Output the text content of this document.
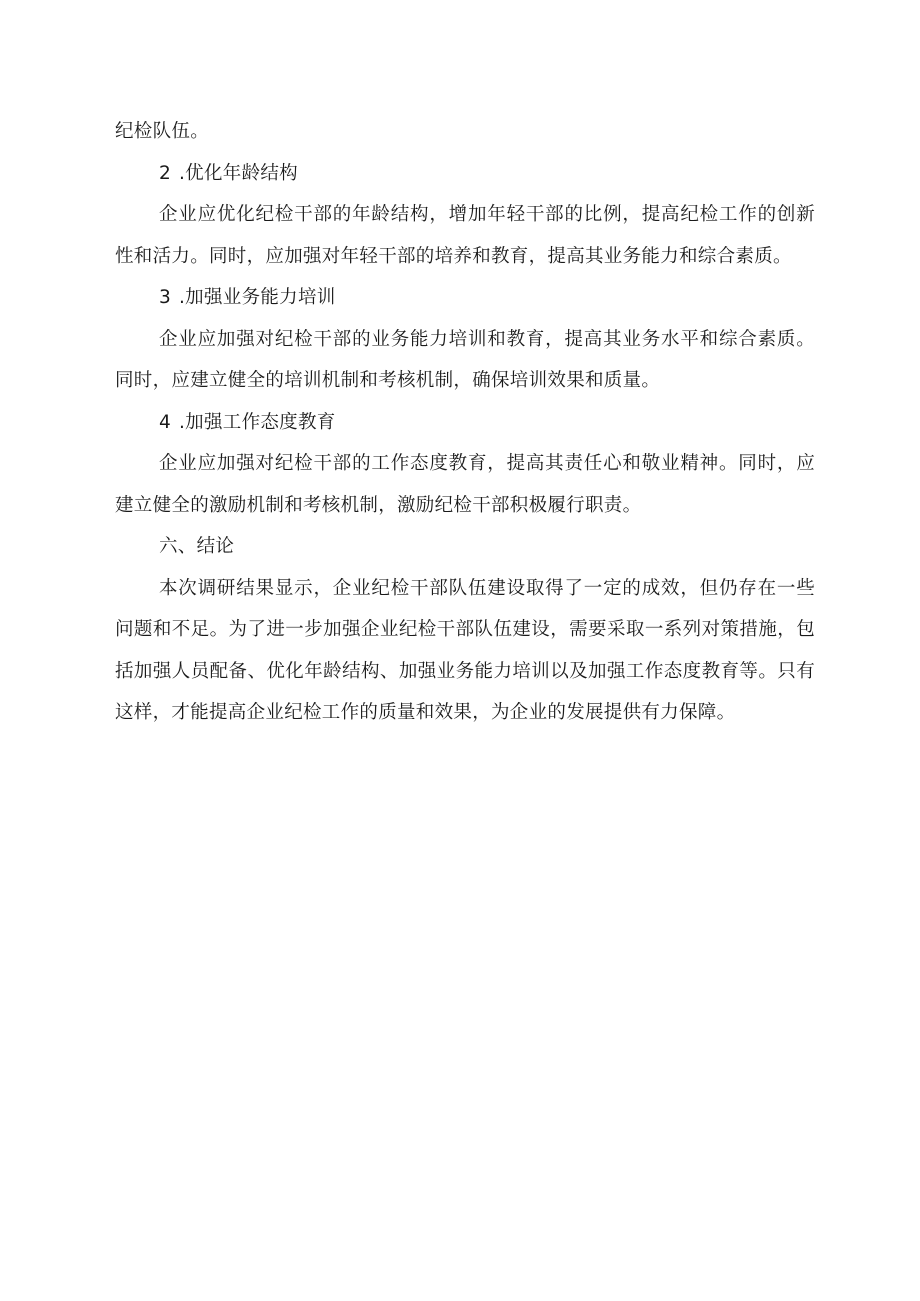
纪检队伍。

2 .优化年龄结构

企业应优化纪检干部的年龄结构，增加年轻干部的比例，提高纪检工作的创新性和活力。同时，应加强对年轻干部的培养和教育，提高其业务能力和综合素质。

3 .加强业务能力培训

企业应加强对纪检干部的业务能力培训和教育，提高其业务水平和综合素质。同时，应建立健全的培训机制和考核机制，确保培训效果和质量。

4 .加强工作态度教育

企业应加强对纪检干部的工作态度教育，提高其责任心和敬业精神。同时，应建立健全的激励机制和考核机制，激励纪检干部积极履行职责。

六、结论

本次调研结果显示，企业纪检干部队伍建设取得了一定的成效，但仍存在一些问题和不足。为了进一步加强企业纪检干部队伍建设，需要采取一系列对策措施，包括加强人员配备、优化年龄结构、加强业务能力培训以及加强工作态度教育等。只有这样，才能提高企业纪检工作的质量和效果，为企业的发展提供有力保障。
